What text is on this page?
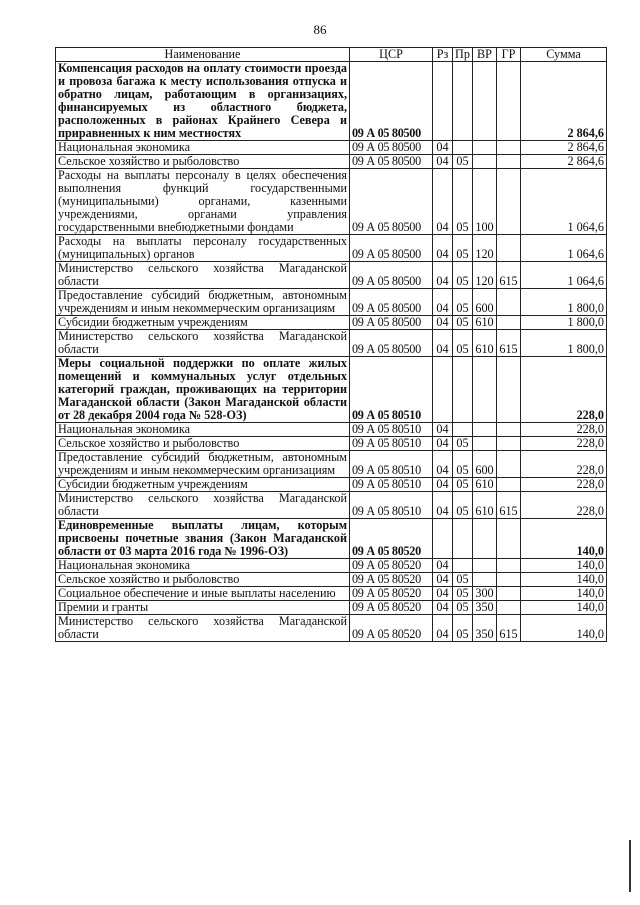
86
Наименование	ЦСР	Рз	Пр	ВР	ГР	Сумма
Компенсация расходов на оплату стоимости проезда и провоза багажа к месту использования отпуска и обратно лицам, работающим в организациях, финансируемых из областного бюджета, расположенных в районах Крайнего Севера и приравненных к ним местностях	09 А 05 80500					2 864,6
Национальная экономика	09 А 05 80500	04				2 864,6
Сельское хозяйство и рыболовство	09 А 05 80500	04	05			2 864,6
Расходы на выплаты персоналу в целях обеспечения выполнения функций государственными (муниципальными) органами, казенными учреждениями, органами управления государственными внебюджетными фондами	09 А 05 80500	04	05	100		1 064,6
Расходы на выплаты персоналу государственных (муниципальных) органов	09 А 05 80500	04	05	120		1 064,6
Министерство сельского хозяйства Магаданской области	09 А 05 80500	04	05	120	615	1 064,6
Предоставление субсидий бюджетным, автономным учреждениям и иным некоммерческим организациям	09 А 05 80500	04	05	600		1 800,0
Субсидии бюджетным учреждениям	09 А 05 80500	04	05	610		1 800,0
Министерство сельского хозяйства Магаданской области	09 А 05 80500	04	05	610	615	1 800,0
Меры социальной поддержки по оплате жилых помещений и коммунальных услуг отдельных категорий граждан, проживающих на территории Магаданской области (Закон Магаданской области от 28 декабря 2004 года № 528-ОЗ)	09 А 05 80510					228,0
Национальная экономика	09 А 05 80510	04				228,0
Сельское хозяйство и рыболовство	09 А 05 80510	04	05			228,0
Предоставление субсидий бюджетным, автономным учреждениям и иным некоммерческим организациям	09 А 05 80510	04	05	600		228,0
Субсидии бюджетным учреждениям	09 А 05 80510	04	05	610		228,0
Министерство сельского хозяйства Магаданской области	09 А 05 80510	04	05	610	615	228,0
Единовременные выплаты лицам, которым присвоены почетные звания (Закон Магаданской области от 03 марта 2016 года № 1996-ОЗ)	09 А 05 80520					140,0
Национальная экономика	09 А 05 80520	04				140,0
Сельское хозяйство и рыболовство	09 А 05 80520	04	05			140,0
Социальное обеспечение и иные выплаты населению	09 А 05 80520	04	05	300		140,0
Премии и гранты	09 А 05 80520	04	05	350		140,0
Министерство сельского хозяйства Магаданской области	09 А 05 80520	04	05	350	615	140,0
